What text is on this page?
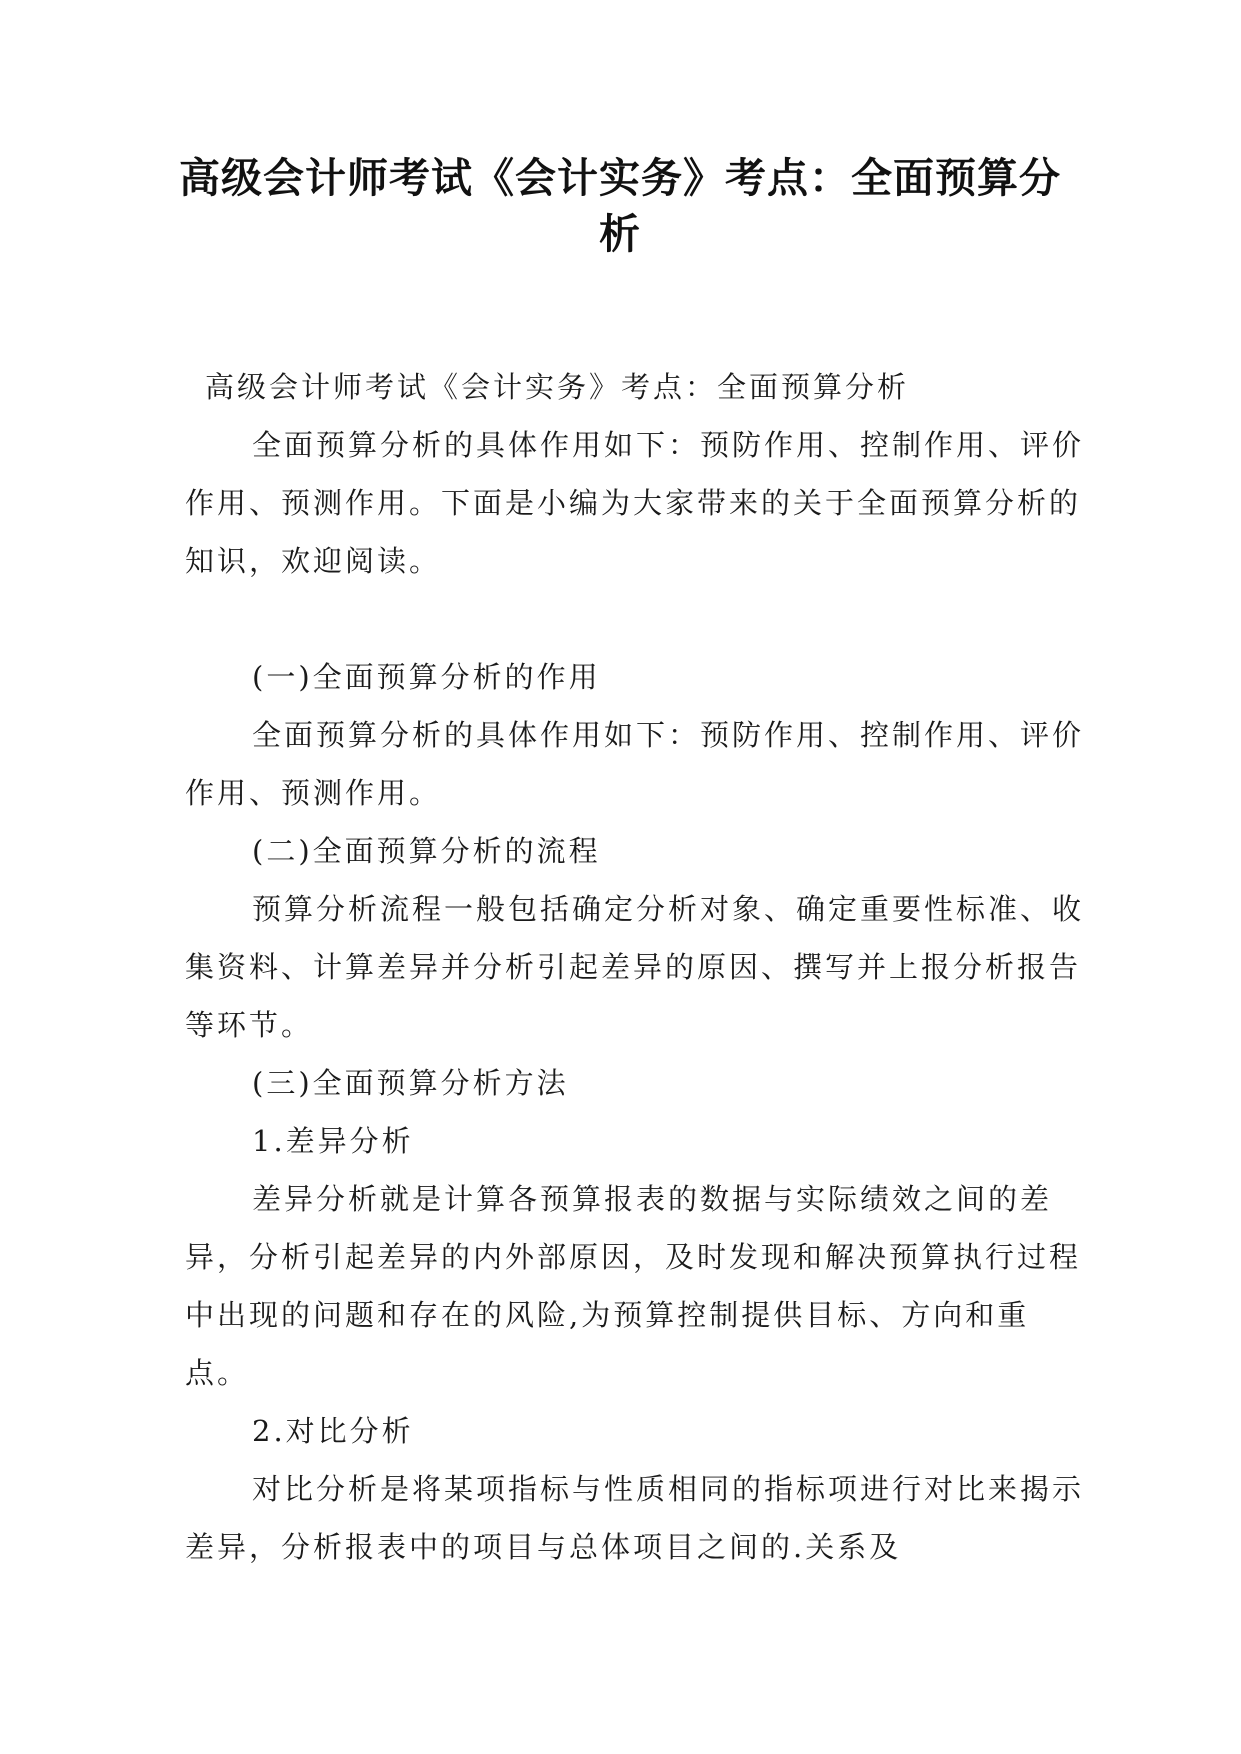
高级会计师考试《会计实务》考点：全面预算分析

高级会计师考试《会计实务》考点：全面预算分析

全面预算分析的具体作用如下：预防作用、控制作用、评价作用、预测作用。下面是小编为大家带来的关于全面预算分析的知识，欢迎阅读。

(一)全面预算分析的作用

全面预算分析的具体作用如下：预防作用、控制作用、评价作用、预测作用。

(二)全面预算分析的流程

预算分析流程一般包括确定分析对象、确定重要性标准、收集资料、计算差异并分析引起差异的原因、撰写并上报分析报告等环节。

(三)全面预算分析方法

1.差异分析

差异分析就是计算各预算报表的数据与实际绩效之间的差异，分析引起差异的内外部原因，及时发现和解决预算执行过程中出现的问题和存在的风险,为预算控制提供目标、方向和重点。

2.对比分析

对比分析是将某项指标与性质相同的指标项进行对比来揭示差异，分析报表中的项目与总体项目之间的.关系及
